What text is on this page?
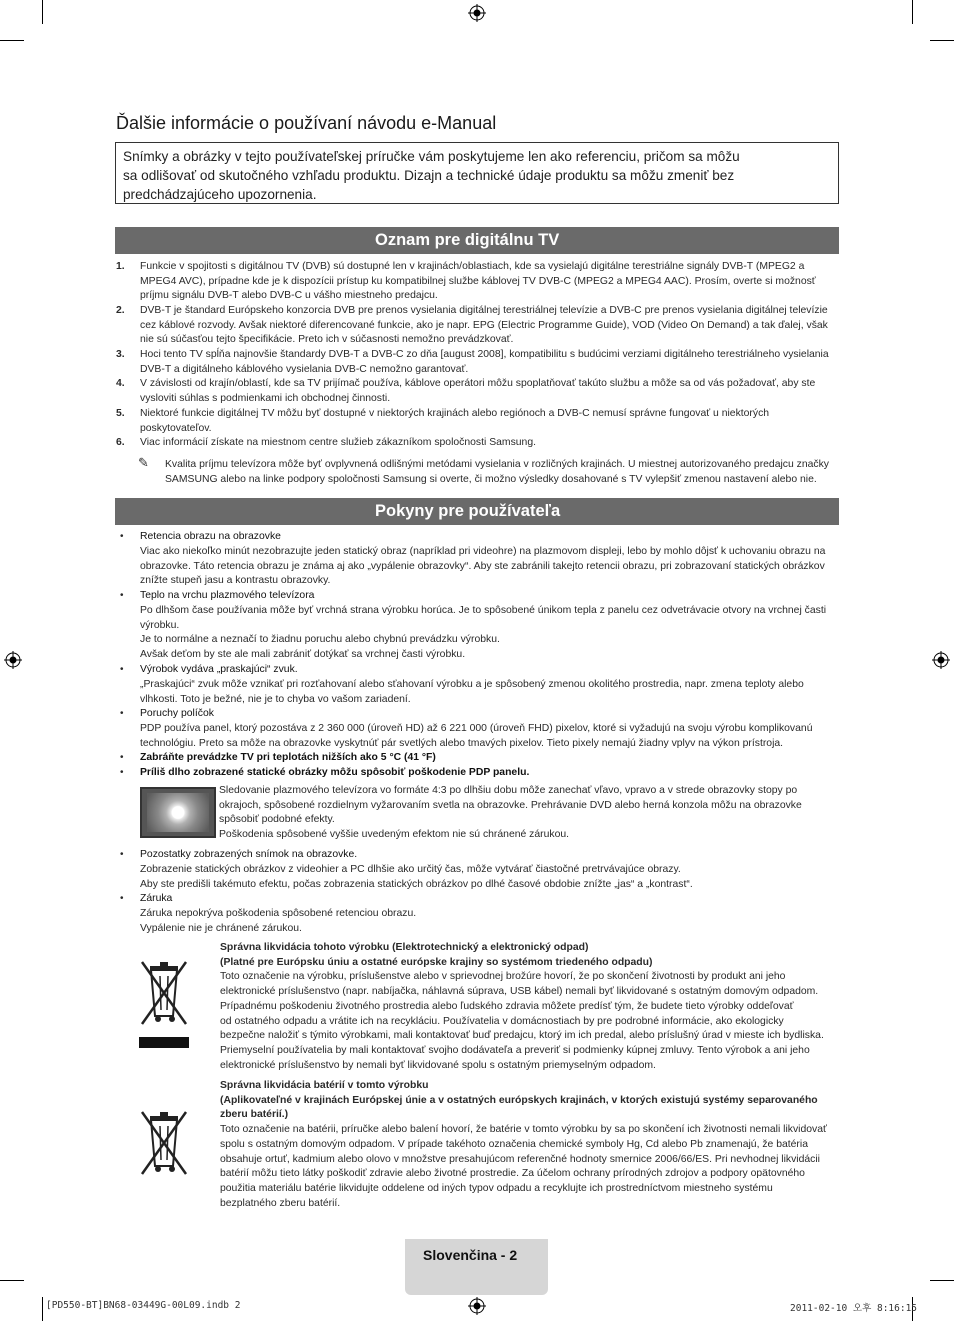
Ďalšie informácie o používaní návodu e-Manual
Snímky a obrázky v tejto používateľskej príručke vám poskytujeme len ako referenciu, pričom sa môžu
sa odlišovať od skutočného vzhľadu produktu. Dizajn a technické údaje produktu sa môžu zmeniť bez
predchádzajúceho upozornenia.
Oznam pre digitálnu TV
1. Funkcie v spojitosti s digitálnou TV (DVB) sú dostupné len v krajinách/oblastiach, kde sa vysielajú digitálne terestriálne signály DVB-T (MPEG2 a
MPEG4 AVC), prípadne kde je k dispozícii prístup ku kompatibilnej službe káblovej TV DVB-C (MPEG2 a MPEG4 AAC). Prosím, overte si možnosť
príjmu signálu DVB-T alebo DVB-C u vášho miestneho predajcu.
2. DVB-T je štandard Európskeho konzorcia DVB pre prenos vysielania digitálnej terestriálnej televízie a DVB-C pre prenos vysielania digitálnej televízie
cez káblové rozvody. Avšak niektoré diferencované funkcie, ako je napr. EPG (Electric Programme Guide), VOD (Video On Demand) a tak ďalej, však
nie sú súčasťou tejto špecifikácie. Preto ich v súčasnosti nemožno prevádzkovať.
3. Hoci tento TV spĺňa najnovšie štandardy DVB-T a DVB-C zo dňa [august 2008], kompatibilitu s budúcimi verziami digitálneho terestriálneho vysielania
DVB-T a digitálneho káblového vysielania DVB-C nemožno garantovať.
4. V závislosti od krajín/oblastí, kde sa TV prijímač používa, káblove operátori môžu spoplatňovať takúto službu a môže sa od vás požadovať, aby ste
vysloviti súhlas s podmienkami ich obchodnej činnosti.
5. Niektoré funkcie digitálnej TV môžu byť dostupné v niektorých krajinách alebo regiónoch a DVB-C nemusí správne fungovať u niektorých
poskytovateľov.
6. Viac informácií získate na miestnom centre služieb zákazníkom spoločnosti Samsung.
✎ Kvalita príjmu televízora môže byť ovplyvnená odlišnými metódami vysielania v rozličných krajinách. U miestnej autorizovaného predajcu značky
SAMSUNG alebo na linke podpory spoločnosti Samsung si overte, či možno výsledky dosahované s TV vylepšiť zmenou nastavení alebo nie.
Pokyny pre používateľa
• Retencia obrazu na obrazovke
Viac ako niekoľko minút nezobrazujte jeden statický obraz (napríklad pri videohre) na plazmovom displeji, lebo by mohlo dôjsť k uchovaniu obrazu na
obrazovke. Táto retencia obrazu je známa aj ako „vypálenie obrazovky“. Aby ste zabránili takejto retencii obrazu, pri zobrazovaní statických obrázkov
znížte stupeň jasu a kontrastu obrazovky.
• Teplo na vrchu plazmového televízora
Po dlhšom čase používania môže byť vrchná strana výrobku horúca. Je to spôsobené únikom tepla z panelu cez odvetrávacie otvory na vrchnej časti
výrobku.
Je to normálne a neznačí to žiadnu poruchu alebo chybnú prevádzku výrobku.
Avšak deťom by ste ale mali zabrániť dotýkať sa vrchnej časti výrobku.
• Výrobok vydáva „praskajúci“ zvuk.
„Praskajúci“ zvuk môže vznikať pri rozťahovaní alebo sťahovaní výrobku a je spôsobený zmenou okolitého prostredia, napr. zmena teploty alebo
vlhkosti. Toto je bežné, nie je to chyba vo vašom zariadení.
• Poruchy políčok
PDP používa panel, ktorý pozostáva z 2 360 000 (úroveň HD) až 6 221 000 (úroveň FHD) pixelov, ktoré si vyžadujú na svoju výrobu komplikovanú
technológiu. Preto sa môže na obrazovke vyskytnúť pár svetlých alebo tmavých pixelov. Tieto pixely nemajú žiadny vplyv na výkon prístroja.
• Zabráňte prevádzke TV pri teplotách nižších ako 5 °C (41 °F)
• Príliš dlho zobrazené statické obrázky môžu spôsobiť poškodenie PDP panelu.
Sledovanie plazmového televízora vo formáte 4:3 po dlhšiu dobu môže zanechať vľavo, vpravo a v strede obrazovky stopy po
okrajoch, spôsobené rozdielnym vyžarovaním svetla na obrazovke. Prehrávanie DVD alebo herná konzola môžu na obrazovke
spôsobiť podobné efekty.
Poškodenia spôsobené vyššie uvedeným efektom nie sú chránené zárukou.
• Pozostatky zobrazených snímok na obrazovke.
Zobrazenie statických obrázkov z videohier a PC dlhšie ako určitý čas, môže vytvárať čiastočné pretrvávajúce obrazy.
Aby ste predišli takémuto efektu, počas zobrazenia statických obrázkov po dlhé časové obdobie znížte „jas“ a „kontrast“.
• Záruka
Záruka nepokrýva poškodenia spôsobené retenciou obrazu.
Vypálenie nie je chránené zárukou.
Správna likvidácia tohoto výrobku (Elektrotechnický a elektronický odpad)
(Platné pre Európsku úniu a ostatné európske krajiny so systémom triedeného odpadu)
Toto označenie na výrobku, príslušenstve alebo v sprievodnej brožúre hovorí, že po skončení životnosti by produkt ani jeho
elektronické príslušenstvo (napr. nabíjačka, náhlavná súprava, USB kábel) nemali byť likvidované s ostatným domovým odpadom.
Prípadnému poškodeniu životného prostredia alebo ľudského zdravia môžete predísť tým, že budete tieto výrobky oddeľovať
od ostatného odpadu a vrátite ich na recykláciu. Používatelia v domácnostiach by pre podrobné informácie, ako ekologicky
bezpečne naložiť s týmito výrobkami, mali kontaktovať buď predajcu, ktorý im ich predal, alebo príslušný úrad v mieste ich bydliska.
Priemyselní používatelia by mali kontaktovať svojho dodávateľa a preveriť si podmienky kúpnej zmluvy. Tento výrobok a ani jeho
elektronické príslušenstvo by nemali byť likvidované spolu s ostatným priemyselným odpadom.
Správna likvidácia batérií v tomto výrobku
(Aplikovateľné v krajinách Európskej únie a v ostatných európskych krajinách, v ktorých existujú systémy separovaného
zberu batérií.)
Toto označenie na batérii, príručke alebo balení hovorí, že batérie v tomto výrobku by sa po skončení ich životnosti nemali likvidovať
spolu s ostatným domovým odpadom. V prípade takéhoto označenia chemické symboly Hg, Cd alebo Pb znamenajú, že batéria
obsahuje ortuť, kadmium alebo olovo v množstve presahujúcom referenčné hodnoty smernice 2006/66/ES. Pri nevhodnej likvidácii
batérií môžu tieto látky poškodiť zdravie alebo životné prostredie. Za účelom ochrany prírodných zdrojov a podpory opätovného
použitia materiálu batérie likvidujte oddelene od iných typov odpadu a recyklujte ich prostredníctvom miestneho systému
bezplatného zberu batérií.
Slovenčina - 2
[PD550-BT]BN68-03449G-00L09.indb 2	2011-02-10 오후 8:16:15
